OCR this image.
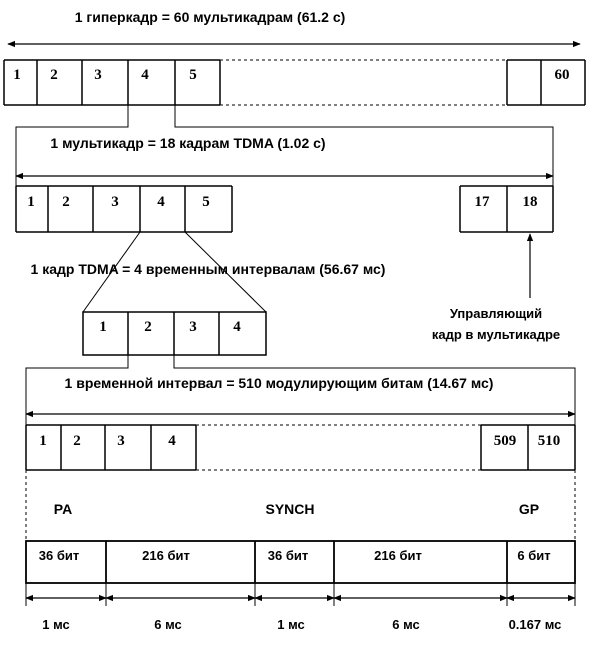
1 гиперкадр = 60 мультикадрам (61.2 с)
1 2 3	4	5	60
1 мультикадр = 18 кадрам TDMA (1.02 с)
1 2	3	4	5	17 18
Управляющий
кадр в мультикадре
1 кадр TDMA = 4 временным интервалам (56.67 мс)
1	2	3 4
1 временной интервал = 510 модулирующим битам (14.67 мс)
1 2 3	4	509 510
PA	SYNCH	GP
36 бит	216 бит	36 бит	216 бит	6 бит
1 мс	6 мс	1 мс	6 мс	0.167 мс
